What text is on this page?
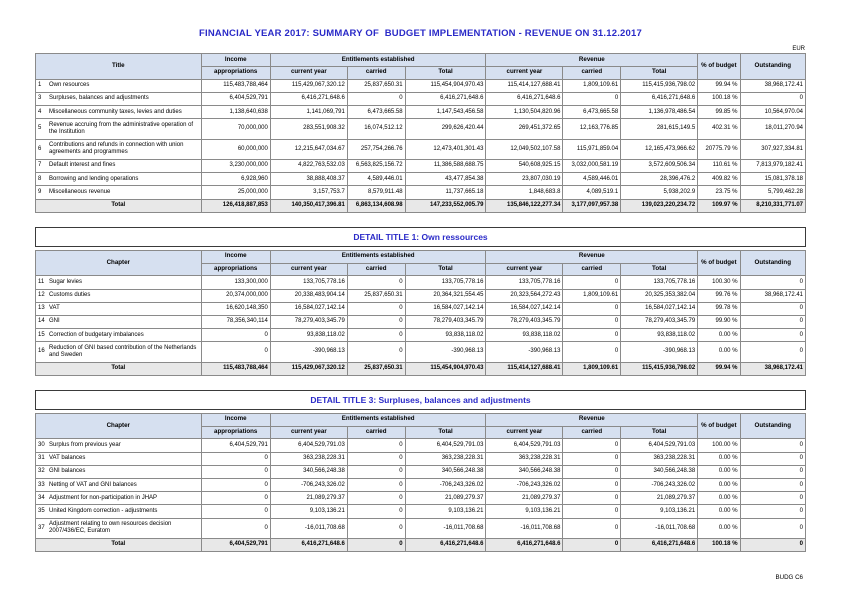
FINANCIAL YEAR 2017: SUMMARY OF  BUDGET IMPLEMENTATION - REVENUE ON 31.12.2017
EUR
Title	Income	Entitlements established			Revenue			% of budget	Outstanding
	appropriations	current year	carried	Total	current year	carried	Total		

1 Own resources	115,483,788,464	115,429,067,320.12	25,837,650.31	115,454,904,970.43	115,414,127,688.41	1,809,109.61	115,415,936,798.02	99.94 %	38,968,172.41

3 Surpluses, balances and adjustments	6,404,529,791	6,416,271,648.6	0	6,416,271,648.6	6,416,271,648.6	0	6,416,271,648.6	100.18 %	0

4 Miscellaneous community taxes, levies and duties	1,138,640,638	1,141,069,791	6,473,665.58	1,147,543,456.58	1,130,504,820.96	6,473,665.58	1,136,978,486.54	99.85 %	10,564,970.04

5
Revenue accruing from the administrative operation of the Institution	70,000,000	283,551,908.32	16,074,512.12	299,626,420.44	269,451,372.65	12,163,776.85	281,615,149.5	402.31 %	18,011,270.94

6
Contributions and refunds in connection with union agreements and programmes	60,000,000	12,215,647,034.67	257,754,266.76	12,473,401,301.43	12,049,502,107.58	115,971,859.04	12,165,473,966.62	20775.79 %	307,927,334.81

7 Default interest and fines	3,230,000,000	4,822,763,532.03	6,563,825,156.72	11,386,588,688.75	540,608,925.15	3,032,000,581.19	3,572,609,506.34	110.61 %	7,813,979,182.41

8 Borrowing and lending operations	6,928,960	38,888,408.37	4,589,446.01	43,477,854.38	23,807,030.19	4,589,446.01	28,396,476.2	409.82 %	15,081,378.18

9 Miscellaneous revenue	25,000,000	3,157,753.7	8,579,911.48	11,737,665.18	1,848,683.8	4,089,519.1	5,938,202.9	23.75 %	5,799,462.28
Total	126,418,887,853	140,350,417,396.81	6,863,134,608.98	147,233,552,005.79	135,846,122,277.34	3,177,097,957.38	139,023,220,234.72	109.97 %	8,210,331,771.07
DETAIL TITLE 1: Own ressources
Chapter	Income	Entitlements established			Revenue			% of budget	Outstanding
	appropriations	current year	carried	Total	current year	carried	Total		

11 Sugar levies	133,300,000	133,705,778.16	0	133,705,778.16	133,705,778.16	0	133,705,778.16	100.30 %	0

12 Customs duties	20,374,000,000	20,338,483,904.14	25,837,650.31	20,364,321,554.45	20,323,564,272.43	1,809,109.61	20,325,353,382.04	99.76 %	38,968,172.41

13 VAT	16,620,148,350	16,584,027,142.14	0	16,584,027,142.14	16,584,027,142.14	0	16,584,027,142.14	99.78 %	0

14 GNI	78,356,340,114	78,279,403,345.79	0	78,279,403,345.79	78,279,403,345.79	0	78,279,403,345.79	99.90 %	0

15 Correction of budgetary imbalances	0	93,838,118.02	0	93,838,118.02	93,838,118.02	0	93,838,118.02	0.00 %	0

16
Reduction of GNI based contribution of the Netherlands and Sweden	0	-390,968.13	0	-390,968.13	-390,968.13	0	-390,968.13	0.00 %	0
Total	115,483,788,464	115,429,067,320.12	25,837,650.31	115,454,904,970.43	115,414,127,688.41	1,809,109.61	115,415,936,798.02	99.94 %	38,968,172.41
DETAIL TITLE 3: Surpluses, balances and adjustments
Chapter	Income	Entitlements established			Revenue			% of budget	Outstanding
	appropriations	current year	carried	Total	current year	carried	Total		

30 Surplus from previous year	6,404,529,791	6,404,529,791.03	0	6,404,529,791.03	6,404,529,791.03	0	6,404,529,791.03	100.00 %	0

31 VAT balances	0	363,238,228.31	0	363,238,228.31	363,238,228.31	0	363,238,228.31	0.00 %	0

32 GNI balances	0	340,566,248.38	0	340,566,248.38	340,566,248.38	0	340,566,248.38	0.00 %	0

33 Netting of VAT and GNI balances	0	-706,243,326.02	0	-706,243,326.02	-706,243,326.02	0	-706,243,326.02	0.00 %	0

34 Adjustment for non-participation in JHAP	0	21,089,279.37	0	21,089,279.37	21,089,279.37	0	21,089,279.37	0.00 %	0

35 United Kingdom correction - adjustments	0	9,103,136.21	0	9,103,136.21	9,103,136.21	0	9,103,136.21	0.00 %	0

37
Adjustment relating to own resources decision 2007/436/EC, Euratom	0	-16,011,708.68	0	-16,011,708.68	-16,011,708.68	0	-16,011,708.68	0.00 %	0
Total	6,404,529,791	6,416,271,648.6	0	6,416,271,648.6	6,416,271,648.6	0	6,416,271,648.6	100.18 %	0
BUDG C6
